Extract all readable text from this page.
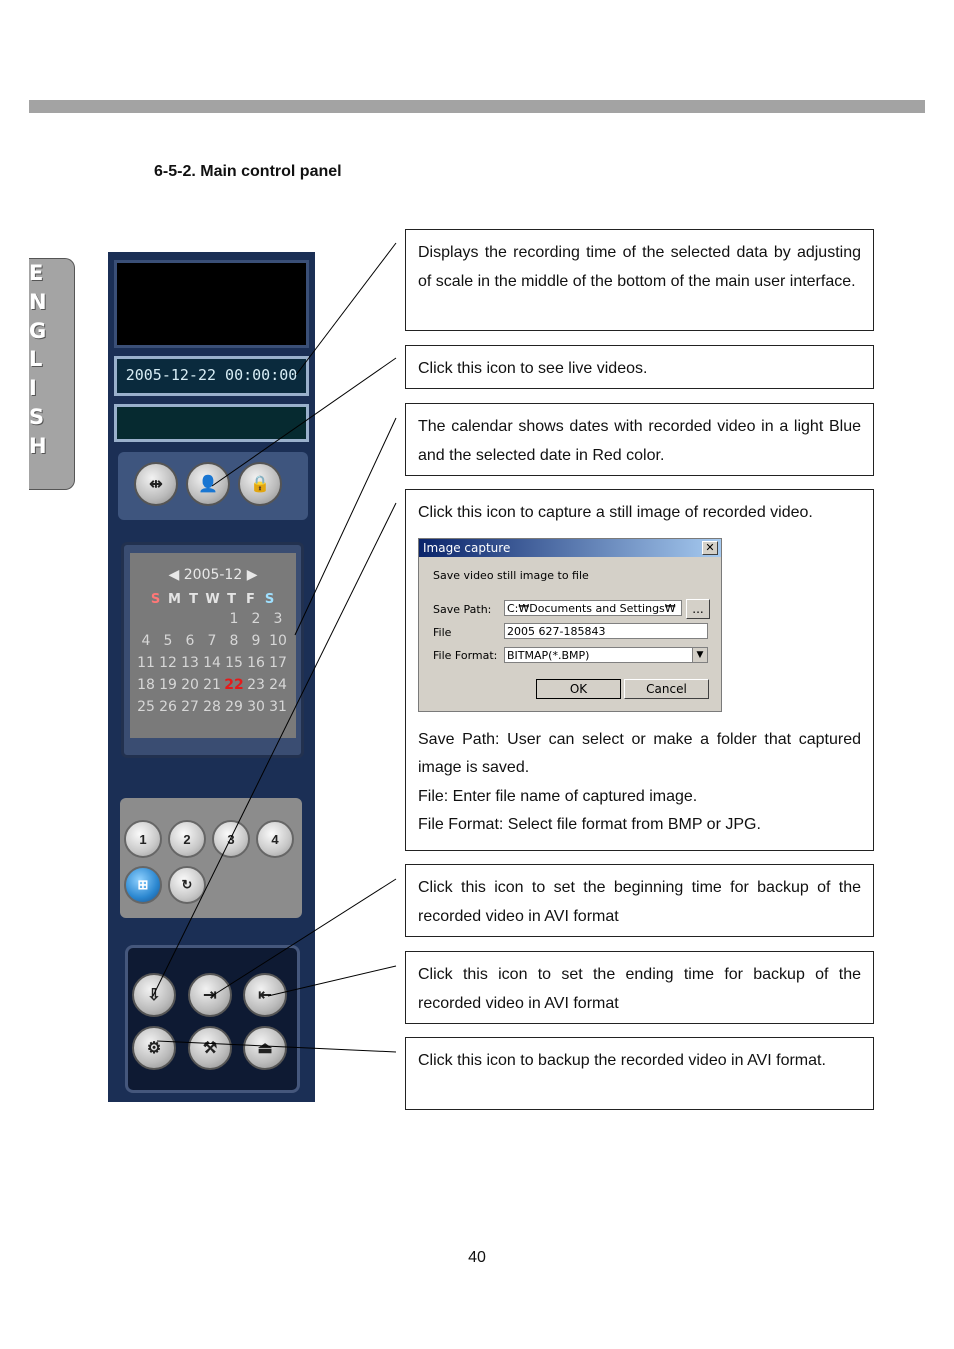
E
N
G
L
I
S
H
6-5-2. Main control panel
2005-12-22 00:00:00
⇹ 👤 🔒
◀ 2005-12 ▶
S M T W T F S
1 2 3
4 5 6 7 8 9 10
11 12 13 14 15 16 17
18 19 20 21 22 23 24
25 26 27 28 29 30 31
1	2	3	4
⊞	↻
⇩	⇥	⇤
⚙	⚒	⏏

Displays the recording time of the selected data by adjusting of scale in the middle of the bottom of the main user interface.

Click this icon to see live videos.

The calendar shows dates with recorded video in a light Blue and the selected date in Red color.

Click this icon to capture a still image of recorded video.

Image capture	✕
Save video still image to file
Save Path: C:₩Documents and Settings₩	...
File	2005 627-185843
File Format: BITMAP(*.BMP)	▼
OK	Cancel

Save Path: User can select or make a folder that captured image is saved.

File: Enter file name of captured image.

File Format: Select file format from BMP or JPG.

Click this icon to set the beginning time for backup of the recorded video in AVI format

Click this icon to set the ending time for backup of the recorded video in AVI format

Click this icon to backup the recorded video in AVI format.

40
